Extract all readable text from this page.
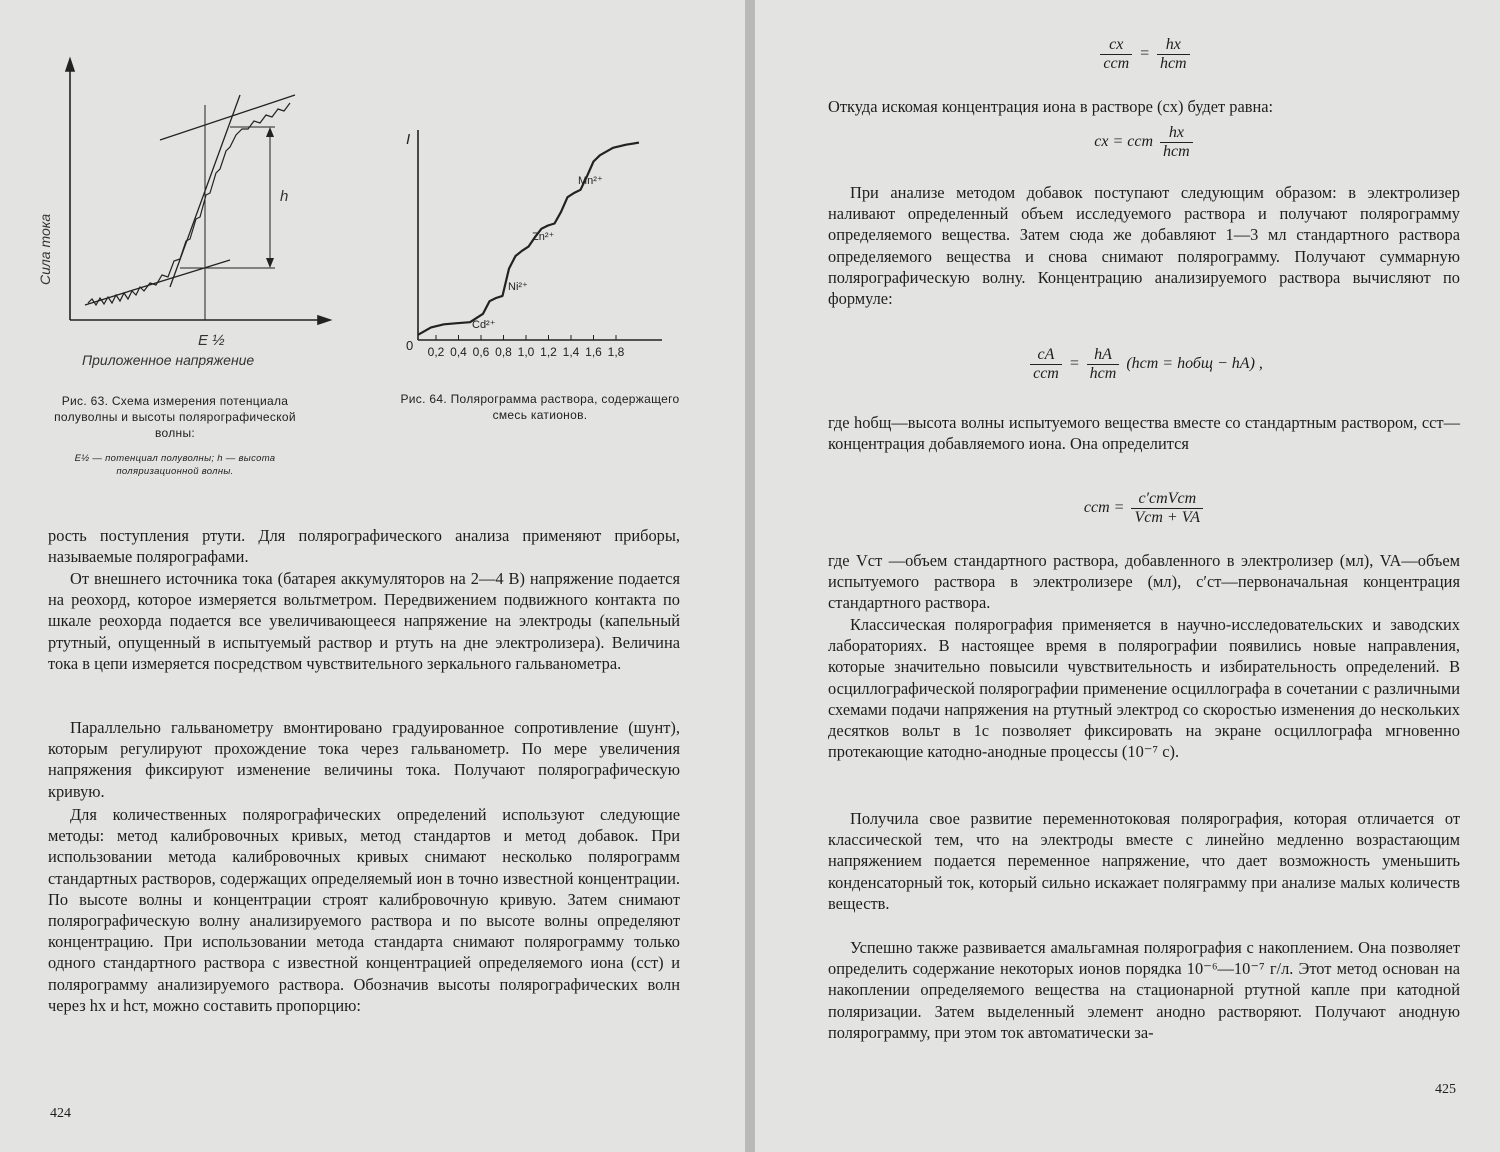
h
Сила тока
E ½
Приложенное напряжение

Рис. 63. Схема измерения потенциала полуволны и высоты полярографической волны:

E½ — потенциал полуволны; h — высота поляризационной волны.

I
0 0,2 0,4 0,6 0,8 1,0 1,2 1,4 1,6 1,8
Cd²⁺
Ni²⁺
Zn²⁺
Mn²⁺

Рис. 64. Полярограмма раствора, содержащего смесь катионов.

рость поступления ртути. Для полярографического анализа применяют приборы, называемые полярографами.

От внешнего источника тока (батарея аккумуляторов на 2—4 В) напряжение подается на реохорд, которое измеряется вольтметром. Передвижением подвижного контакта по шкале реохорда подается все увеличивающееся напряжение на электроды (капельный ртутный, опущенный в испытуемый раствор и ртуть на дне электролизера). Величина тока в цепи измеряется посредством чувствительного зеркального гальванометра.

Параллельно гальванометру вмонтировано градуированное сопротивление (шунт), которым регулируют прохождение тока через гальванометр. По мере увеличения напряжения фиксируют изменение величины тока. Получают полярографическую кривую.

Для количественных полярографических определений используют следующие методы: метод калибровочных кривых, метод стандартов и метод добавок. При использовании метода калибровочных кривых снимают несколько полярограмм стандартных растворов, содержащих определяемый ион в точно известной концентрации. По высоте волны и концентрации строят калибровочную кривую. Затем снимают полярографическую волну анализируемого раствора и по высоте волны определяют концентрацию. При использовании метода стандарта снимают полярограмму только одного стандартного раствора с известной концентрацией определяемого иона (cст) и полярограмму анализируемого раствора. Обозначив высоты полярографических волн через hx и hст, можно составить пропорцию:

424
$\frac{cx}{\text{cст}} = \frac{hx}{\text{hст}}$

Откуда искомая концентрация иона в растворе (cx) будет равна:

cx = cст $\frac{hx}{\text{hст}}$

При анализе методом добавок поступают следующим образом: в электролизер наливают определенный объем исследуемого раствора и получают полярограмму определяемого вещества. Затем сюда же добавляют 1—3 мл стандартного раствора определяемого вещества и снова снимают полярограмму. Получают суммарную полярографическую волну. Концентрацию анализируемого раствора вычисляют по формуле:

$\frac{cA}{\text{cст}} = \frac{hA}{\text{hст}} (hст$ = hобщ − hA) ,

где hобщ—высота волны испытуемого вещества вместе со стандартным раствором, cст— концентрация добавляемого иона. Она определится

cст = $\frac{\text{c′стVст}}{\text{Vст + VA}}$

где Vст —объем стандартного раствора, добавленного в электролизер (мл), VA—объем испытуемого раствора в электролизере (мл), c′ст—первоначальная концентрация стандартного раствора.

Классическая полярография применяется в научно-исследовательских и заводских лабораториях. В настоящее время в полярографии появились новые направления, которые значительно повысили чувствительность и избирательность определений. В осциллографической полярографии применение осциллографа в сочетании с различными схемами подачи напряжения на ртутный электрод со скоростью изменения до нескольких десятков вольт в 1с позволяет фиксировать на экране осциллографа мгновенно протекающие катодно-анодные процессы (10⁻⁷ с).

Получила свое развитие переменнотоковая полярография, которая отличается от классической тем, что на электроды вместе с линейно медленно возрастающим напряжением подается переменное напряжение, что дает возможность уменьшить конденсаторный ток, который сильно искажает поляграмму при анализе малых количеств веществ.

Успешно также развивается амальгамная полярография с накоплением. Она позволяет определить содержание некоторых ионов порядка 10⁻⁶—10⁻⁷ г/л. Этот метод основан на накоплении определяемого вещества на стационарной ртутной капле при катодной поляризации. Затем выделенный элемент анодно растворяют. Получают анодную полярограмму, при этом ток автоматически за-

425
